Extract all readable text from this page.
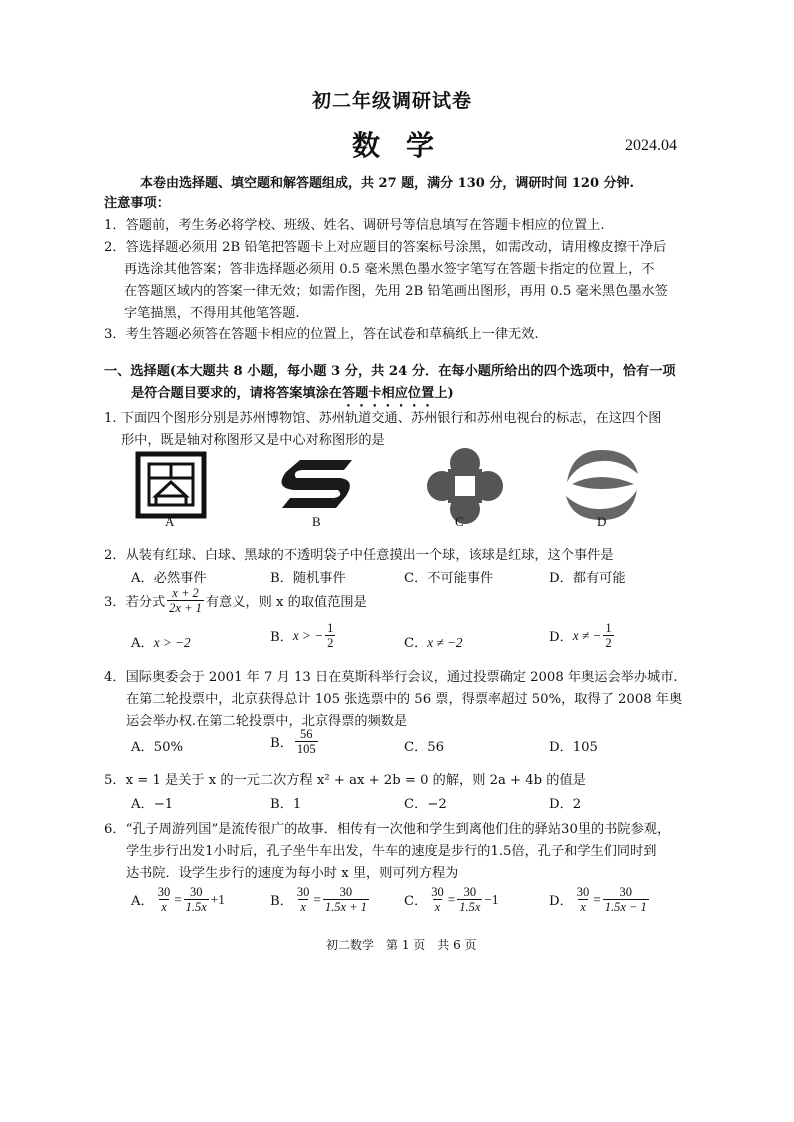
初二年级调研试卷
数学	2024.04
本卷由选择题、填空题和解答题组成，共 27 题，满分 130 分，调研时间 120 分钟.
注意事项：
1．答题前，考生务必将学校、班级、姓名、调研号等信息填写在答题卡相应的位置上.
2．答选择题必须用 2B 铅笔把答题卡上对应题目的答案标号涂黑，如需改动，请用橡皮擦干净后
再选涂其他答案；答非选择题必须用 0.5 毫米黑色墨水签字笔写在答题卡指定的位置上，不
在答题区域内的答案一律无效；如需作图，先用 2B 铅笔画出图形，再用 0.5 毫米黑色墨水签
字笔描黑，不得用其他笔答题.
3．考生答题必须答在答题卡相应的位置上，答在试卷和草稿纸上一律无效.
一、选择题(本大题共 8 小题，每小题 3 分，共 24 分．在每小题所给出的四个选项中，恰有一项
是符合题目要求的，请将答案填涂在答题卡相应位置上)
1. 下面四个图形分别是苏州博物馆、苏州轨道交通、苏州银行和苏州电视台的标志，在这四个图
形中，既是轴对称图形又是中心对称图形的是
A	B	C	D
2．从装有红球、白球、黑球的不透明袋子中任意摸出一个球，该球是红球，这个事件是
A．必然事件	B．随机事件	C．不可能事件	D．都有可能
3．若分式 $\frac{x + 2}{2x + 1}$ 有意义，则 x 的取值范围是
A．x > −2	B． x > − $\frac{1}{2}$	C．x ≠ −2	D． x ≠ − $\frac{1}{2}$
4．国际奥委会于 2001 年 7 月 13 日在莫斯科举行会议，通过投票确定 2008 年奥运会举办城市.
在第二轮投票中，北京获得总计 105 张选票中的 56 票，得票率超过 50%，取得了 2008 年奥
运会举办权.在第二轮投票中，北京得票的频数是
A．50%	B． $\frac{56}{105}$	C．56	D．105
5．x = 1 是关于 x 的一元二次方程 x² + ax + 2b = 0 的解，则 2a + 4b 的值是
A．−1	B．1	C．−2	D．2
6．“孔子周游列国”是流传很广的故事．相传有一次他和学生到离他们住的驿站30里的书院参观，
学生步行出发1小时后，孔子坐牛车出发，牛车的速度是步行的1.5倍，孔子和学生们同时到
达书院．设学生步行的速度为每小时 x 里，则可列方程为
A． $\frac{30}{x} = \frac{30}{1.5x} +1$	B． $\frac{30}{x} = \frac{30}{1.5x + 1}$	C． $\frac{30}{x} = \frac{30}{1.5x} -1$	D． $\frac{30}{x} = \frac{30}{1.5x - 1}$
初二数学　第 1 页　共 6 页
